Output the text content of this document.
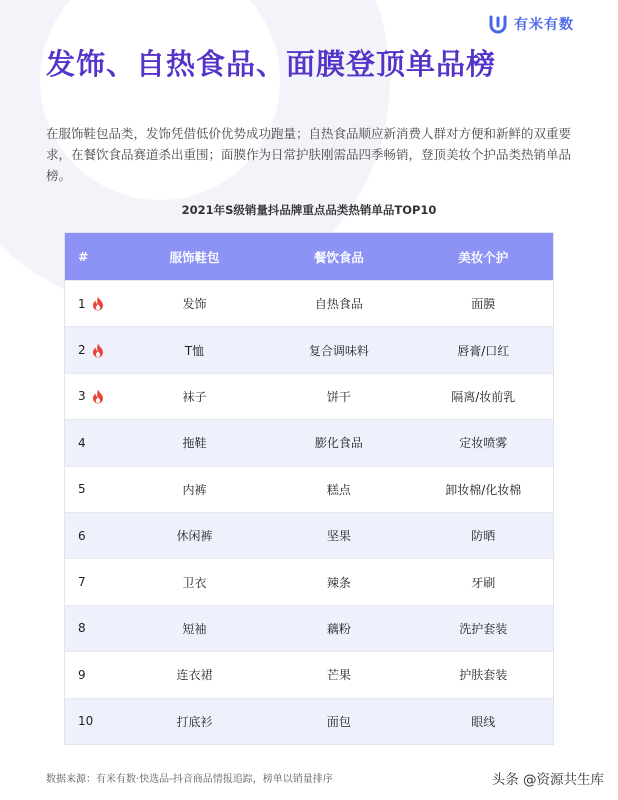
有米有数
发饰、自热食品、面膜登顶单品榜

在服饰鞋包品类，发饰凭借低价优势成功跑量；自热食品顺应新消费人群对方便和新鲜的双重要求，在餐饮食品赛道杀出重围；面膜作为日常护肤刚需品四季畅销，登顶美妆个护品类热销单品榜。

2021年S级销量抖品牌重点品类热销单品TOP10
#	服饰鞋包	餐饮食品	美妆个护
1	发饰	自热食品	面膜
2	T恤	复合调味料	唇膏/口红
3	袜子	饼干	隔离/妆前乳
4	拖鞋	膨化食品	定妆喷雾
5	内裤	糕点	卸妆棉/化妆棉
6	休闲裤	坚果	防晒
7	卫衣	辣条	牙刷
8	短袖	藕粉	洗护套装
9	连衣裙	芒果	护肤套装
10	打底衫	面包	眼线
数据来源：有米有数·快选品-抖音商品情报追踪，榜单以销量排序	头条 @资源共生库
